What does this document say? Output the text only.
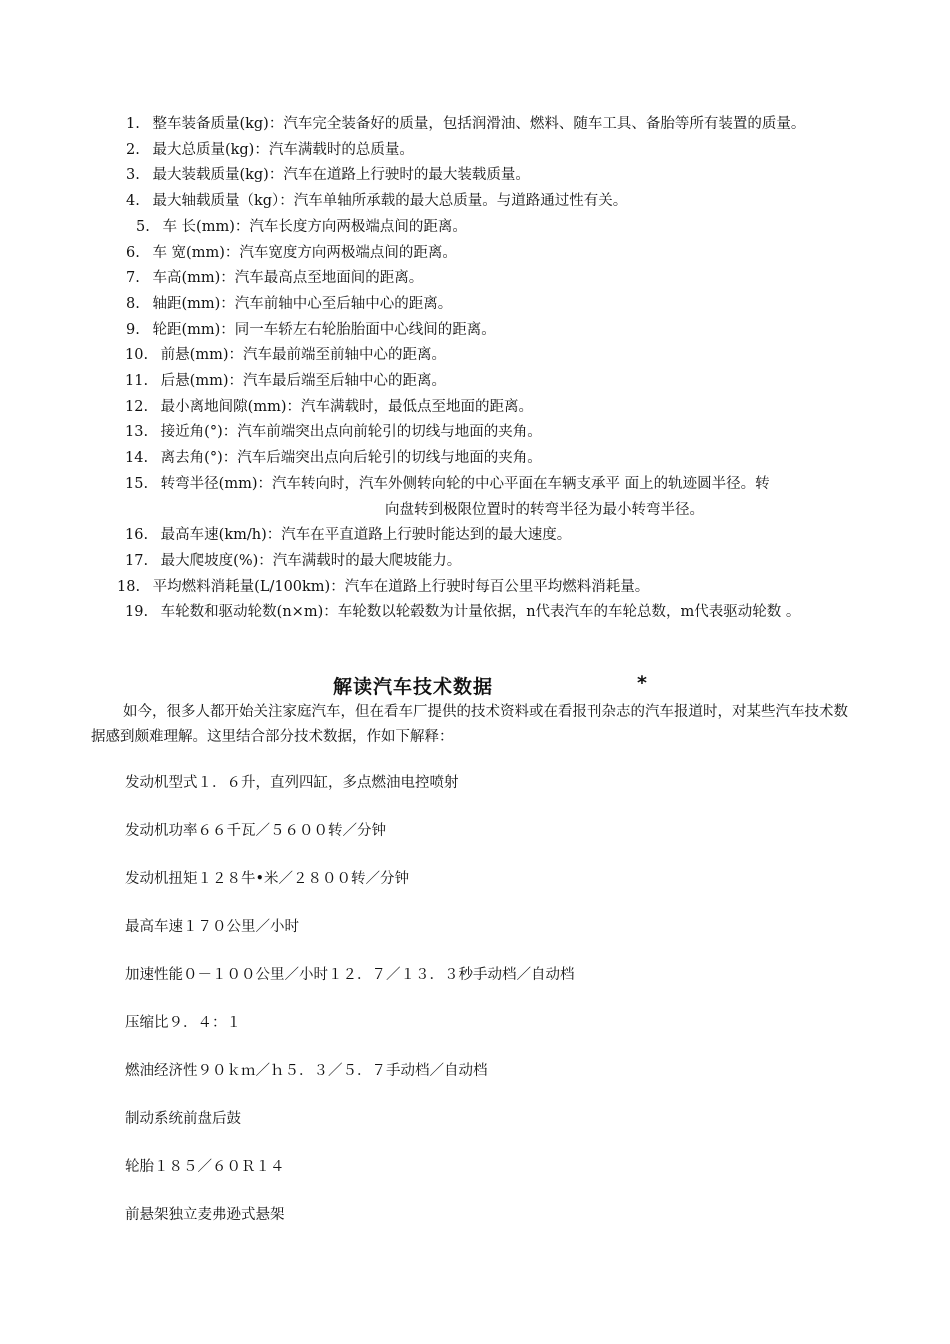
1. 整车装备质量(kg)：汽车完全装备好的质量，包括润滑油、燃料、随车工具、备胎等所有装置的质量。
2. 最大总质量(kg)：汽车满载时的总质量。
3. 最大装载质量(kg)：汽车在道路上行驶时的最大装载质量。
4. 最大轴载质量（kg）：汽车单轴所承载的最大总质量。与道路通过性有关。
5. 车 长(mm)：汽车长度方向两极端点间的距离。
6. 车 宽(mm)：汽车宽度方向两极端点间的距离。
7. 车高(mm)：汽车最高点至地面间的距离。
8. 轴距(mm)：汽车前轴中心至后轴中心的距离。
9. 轮距(mm)：同一车轿左右轮胎胎面中心线间的距离。
10. 前悬(mm)：汽车最前端至前轴中心的距离。
11. 后悬(mm)：汽车最后端至后轴中心的距离。
12. 最小离地间隙(mm)：汽车满载时，最低点至地面的距离。
13. 接近角(°)：汽车前端突出点向前轮引的切线与地面的夹角。
14. 离去角(°)：汽车后端突出点向后轮引的切线与地面的夹角。
15. 转弯半径(mm)：汽车转向时，汽车外侧转向轮的中心平面在车辆支承平 面上的轨迹圆半径。转
向盘转到极限位置时的转弯半径为最小转弯半径。
16. 最高车速(km/h)：汽车在平直道路上行驶时能达到的最大速度。
17. 最大爬坡度(%)：汽车满载时的最大爬坡能力。
18. 平均燃料消耗量(L/100km)：汽车在道路上行驶时每百公里平均燃料消耗量。
19. 车轮数和驱动轮数(n×m)：车轮数以轮毂数为计量依据，n代表汽车的车轮总数，m代表驱动轮数 。
解读汽车技术数据	*

如今，很多人都开始关注家庭汽车，但在看车厂提供的技术资料或在看报刊杂志的汽车报道时，对某些汽车技术数据感到颇难理解。这里结合部分技术数据，作如下解释：

发动机型式１．６升，直列四缸，多点燃油电控喷射
发动机功率６６千瓦／５６００转／分钟
发动机扭矩１２８牛•米／２８００转／分钟
最高车速１７０公里／小时
加速性能０－１００公里／小时１２．７／１３．３秒手动档／自动档
压缩比９．４：１
燃油经济性９０ｋｍ／ｈ５．３／５．７手动档／自动档
制动系统前盘后鼓
轮胎１８５／６０Ｒ１４
前悬架独立麦弗逊式悬架
